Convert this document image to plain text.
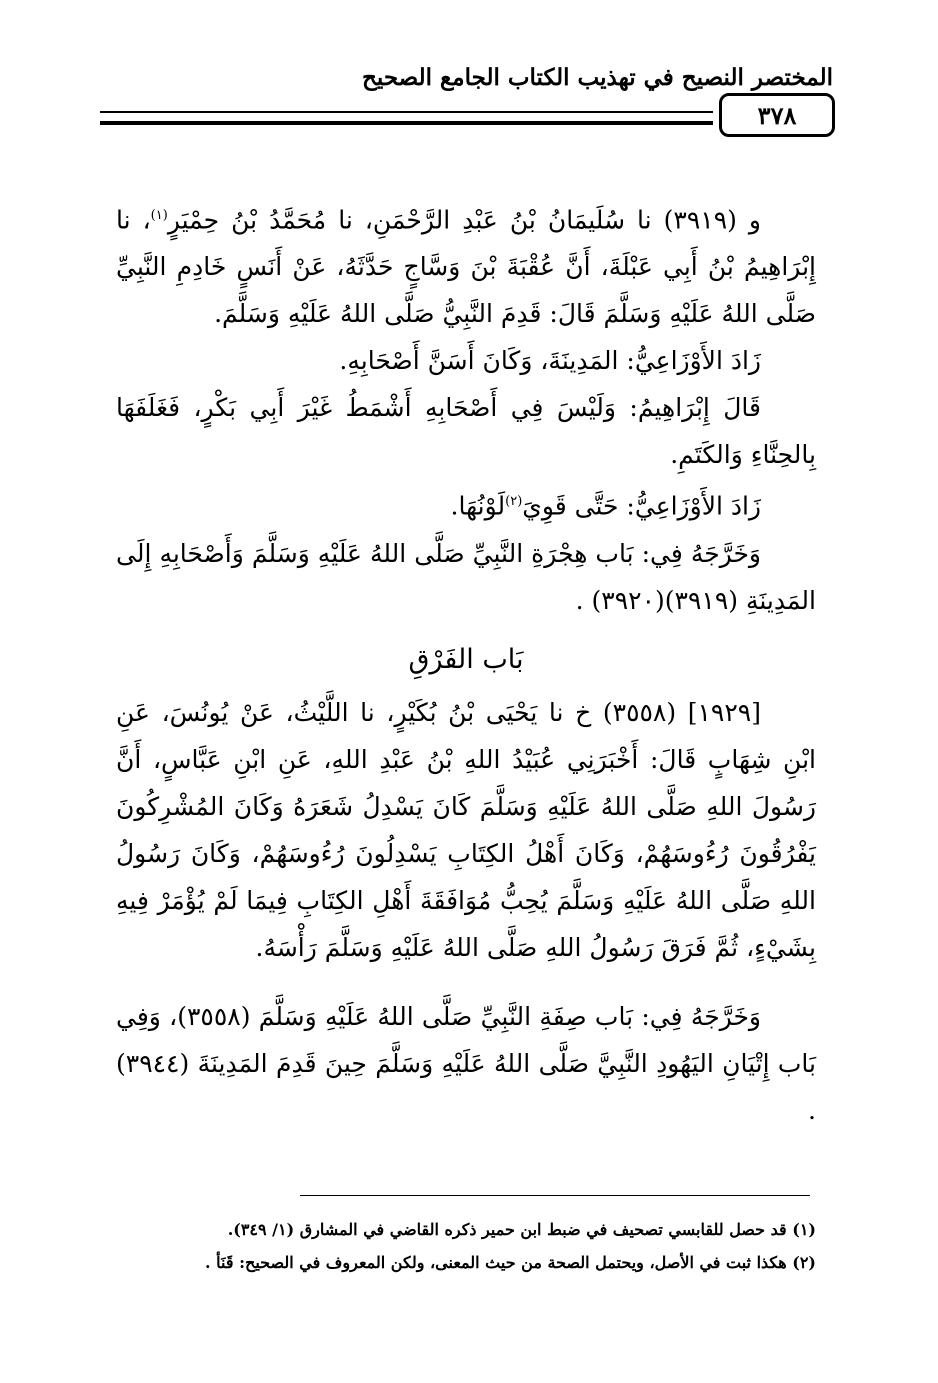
المختصر النصيح في تهذيب الكتاب الجامع الصحيح
٣٧٨

و (٣٩١٩) نا سُلَيمَانُ بْنُ عَبْدِ الرَّحْمَنِ، نا مُحَمَّدُ بْنُ حِمْيَرٍ$^{(١)}$، نا إِبْرَاهِيمُ بْنُ أَبِي عَبْلَةَ، أَنَّ عُقْبَةَ بْنَ وَسَّاجٍ حَدَّثَهُ، عَنْ أَنَسٍ خَادِمِ النَّبِيِّ صَلَّى اللهُ عَلَيْهِ وَسَلَّمَ قَالَ: قَدِمَ النَّبِيُّ صَلَّى اللهُ عَلَيْهِ وَسَلَّمَ.

زَادَ الأَوْزَاعِيُّ: المَدِينَةَ، وَكَانَ أَسَنَّ أَصْحَابِهِ.

قَالَ إِبْرَاهِيمُ: وَلَيْسَ فِي أَصْحَابِهِ أَشْمَطُ غَيْرَ أَبِي بَكْرٍ، فَغَلَفَهَا بِالحِنَّاءِ وَالكَتَمِ.

زَادَ الأَوْزَاعِيُّ: حَتَّى قَوِيَ$^{(٢)}$لَوْنُهَا.

وَخَرَّجَهُ فِي: بَاب هِجْرَةِ النَّبِيِّ صَلَّى اللهُ عَلَيْهِ وَسَلَّمَ وَأَصْحَابِهِ إِلَى المَدِينَةِ (٣٩١٩)(٣٩٢٠) .

بَاب الفَرْقِ

[١٩٢٩] (٣٥٥٨) خ نا يَحْيَى بْنُ بُكَيْرٍ، نا اللَّيْثُ، عَنْ يُونُسَ، عَنِ ابْنِ شِهَابٍ قَالَ: أَخْبَرَنِي عُبَيْدُ اللهِ بْنُ عَبْدِ اللهِ، عَنِ ابْنِ عَبَّاسٍ، أَنَّ رَسُولَ اللهِ صَلَّى اللهُ عَلَيْهِ وَسَلَّمَ كَانَ يَسْدِلُ شَعَرَهُ وَكَانَ المُشْرِكُونَ يَفْرُقُونَ رُءُوسَهُمْ، وَكَانَ أَهْلُ الكِتَابِ يَسْدِلُونَ رُءُوسَهُمْ، وَكَانَ رَسُولُ اللهِ صَلَّى اللهُ عَلَيْهِ وَسَلَّمَ يُحِبُّ مُوَافَقَةَ أَهْلِ الكِتَابِ فِيمَا لَمْ يُؤْمَرْ فِيهِ بِشَيْءٍ، ثُمَّ فَرَقَ رَسُولُ اللهِ صَلَّى اللهُ عَلَيْهِ وَسَلَّمَ رَأْسَهُ.

وَخَرَّجَهُ فِي: بَاب صِفَةِ النَّبِيِّ صَلَّى اللهُ عَلَيْهِ وَسَلَّمَ (٣٥٥٨)، وَفِي بَاب إِتْيَانِ اليَهُودِ النَّبِيَّ صَلَّى اللهُ عَلَيْهِ وَسَلَّمَ حِينَ قَدِمَ المَدِينَةَ (٣٩٤٤) .

(١) قد حصل للقابسي تصحيف في ضبط ابن حمير ذكره القاضي في المشارق (١/ ٣٤٩).

(٢) هكذا ثبت في الأصل، ويحتمل الصحة من حيث المعنى، ولكن المعروف في الصحيح: قَنَأ .
